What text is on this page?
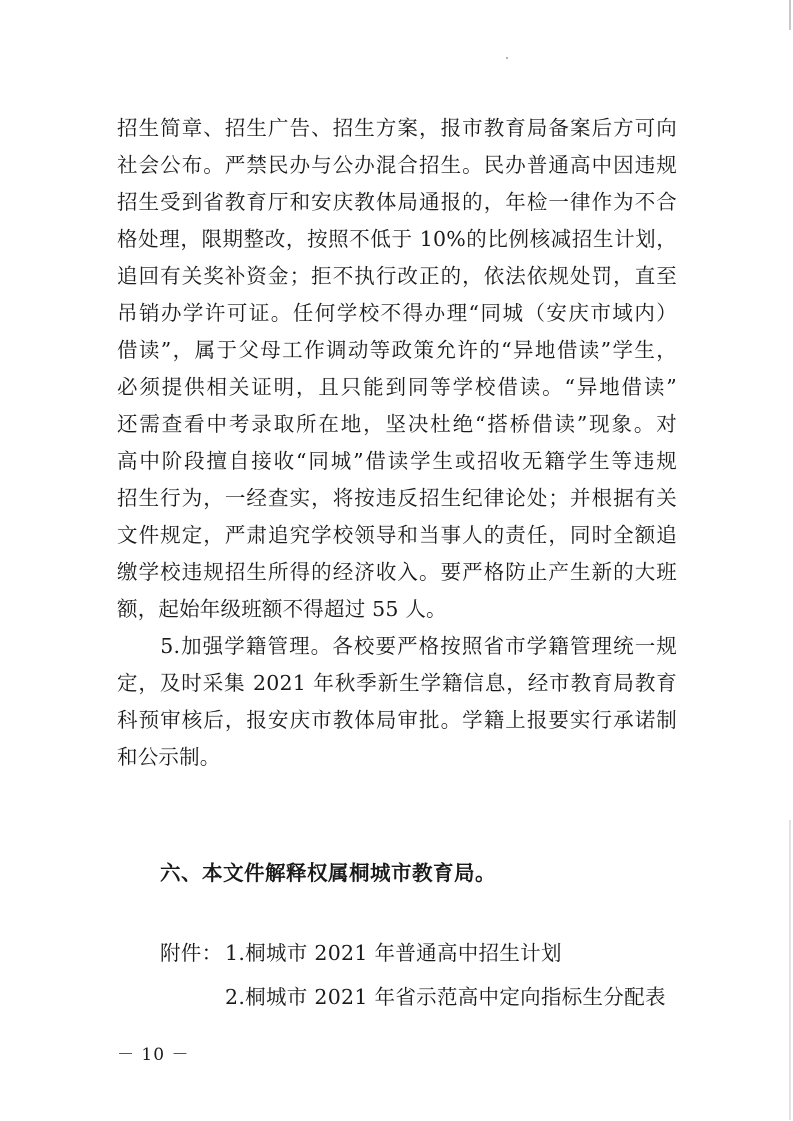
招生简章、招生广告、招生方案，报市教育局备案后方可向
社会公布。严禁民办与公办混合招生。民办普通高中因违规
招生受到省教育厅和安庆教体局通报的，年检一律作为不合
格处理，限期整改，按照不低于 10%的比例核减招生计划，
追回有关奖补资金；拒不执行改正的，依法依规处罚，直至
吊销办学许可证。任何学校不得办理“同城（安庆市域内）
借读”，属于父母工作调动等政策允许的“异地借读”学生，
必须提供相关证明，且只能到同等学校借读。“异地借读”
还需查看中考录取所在地，坚决杜绝“搭桥借读”现象。对
高中阶段擅自接收“同城”借读学生或招收无籍学生等违规
招生行为，一经查实，将按违反招生纪律论处；并根据有关
文件规定，严肃追究学校领导和当事人的责任，同时全额追
缴学校违规招生所得的经济收入。要严格防止产生新的大班
额，起始年级班额不得超过 55 人。
　　5.加强学籍管理。各校要严格按照省市学籍管理统一规
定，及时采集 2021 年秋季新生学籍信息，经市教育局教育
科预审核后，报安庆市教体局审批。学籍上报要实行承诺制
和公示制。
六、本文件解释权属桐城市教育局。
附件： 1.桐城市 2021 年普通高中招生计划
2.桐城市 2021 年省示范高中定向指标生分配表
－ 10 －
